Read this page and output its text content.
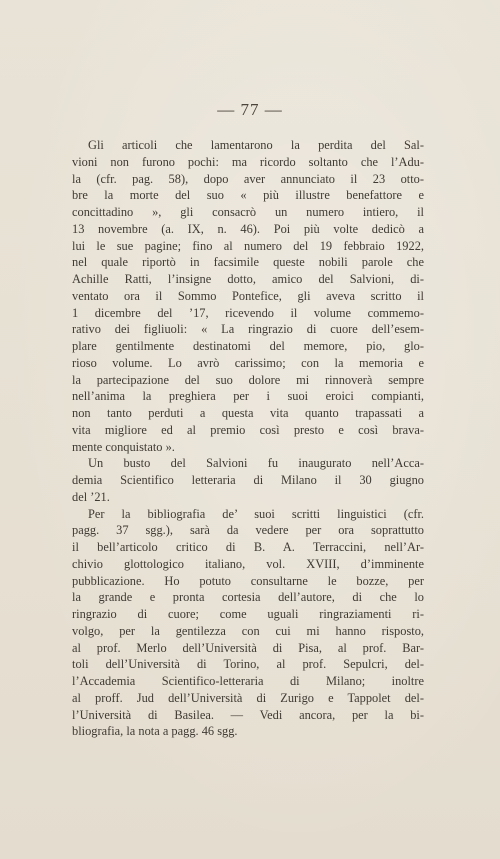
— 77 —
Gli articoli che lamentarono la perdita del Sal-
vioni non furono pochi: ma ricordo soltanto che l’Adu-
la (cfr. pag. 58), dopo aver annunciato il 23 otto-
bre la morte del suo « più illustre benefattore e
concittadino », gli consacrò un numero intiero, il
13 novembre (a. IX, n. 46). Poi più volte dedicò a
lui le sue pagine; fino al numero del 19 febbraio 1922,
nel quale riportò in facsimile queste nobili parole che
Achille Ratti, l’insigne dotto, amico del Salvioni, di-
ventato ora il Sommo Pontefice, gli aveva scritto il
1 dicembre del ’17, ricevendo il volume commemo-
rativo dei figliuoli: « La ringrazio di cuore dell’esem-
plare gentilmente destinatomi del memore, pio, glo-
rioso volume. Lo avrò carissimo; con la memoria e
la partecipazione del suo dolore mi rinnoverà sempre
nell’anima la preghiera per i suoi eroici compianti,
non tanto perduti a questa vita quanto trapassati a
vita migliore ed al premio così presto e così brava-
mente conquistato ».
Un busto del Salvioni fu inaugurato nell’Acca-
demia Scientifico letteraria di Milano il 30 giugno
del ’21.
Per la bibliografia de’ suoi scritti linguistici (cfr.
pagg. 37 sgg.), sarà da vedere per ora soprattutto
il bell’articolo critico di B. A. Terraccini, nell’Ar-
chivio glottologico italiano, vol. XVIII, d’imminente
pubblicazione. Ho potuto consultarne le bozze, per
la grande e pronta cortesia dell’autore, di che lo
ringrazio di cuore; come uguali ringraziamenti ri-
volgo, per la gentilezza con cui mi hanno risposto,
al prof. Merlo dell’Università di Pisa, al prof. Bar-
toli dell’Università di Torino, al prof. Sepulcri, del-
l’Accademia Scientifico-letteraria di Milano; inoltre
al proff. Jud dell’Università di Zurigo e Tappolet del-
l’Università di Basilea. — Vedi ancora, per la bi-
bliografia, la nota a pagg. 46 sgg.
